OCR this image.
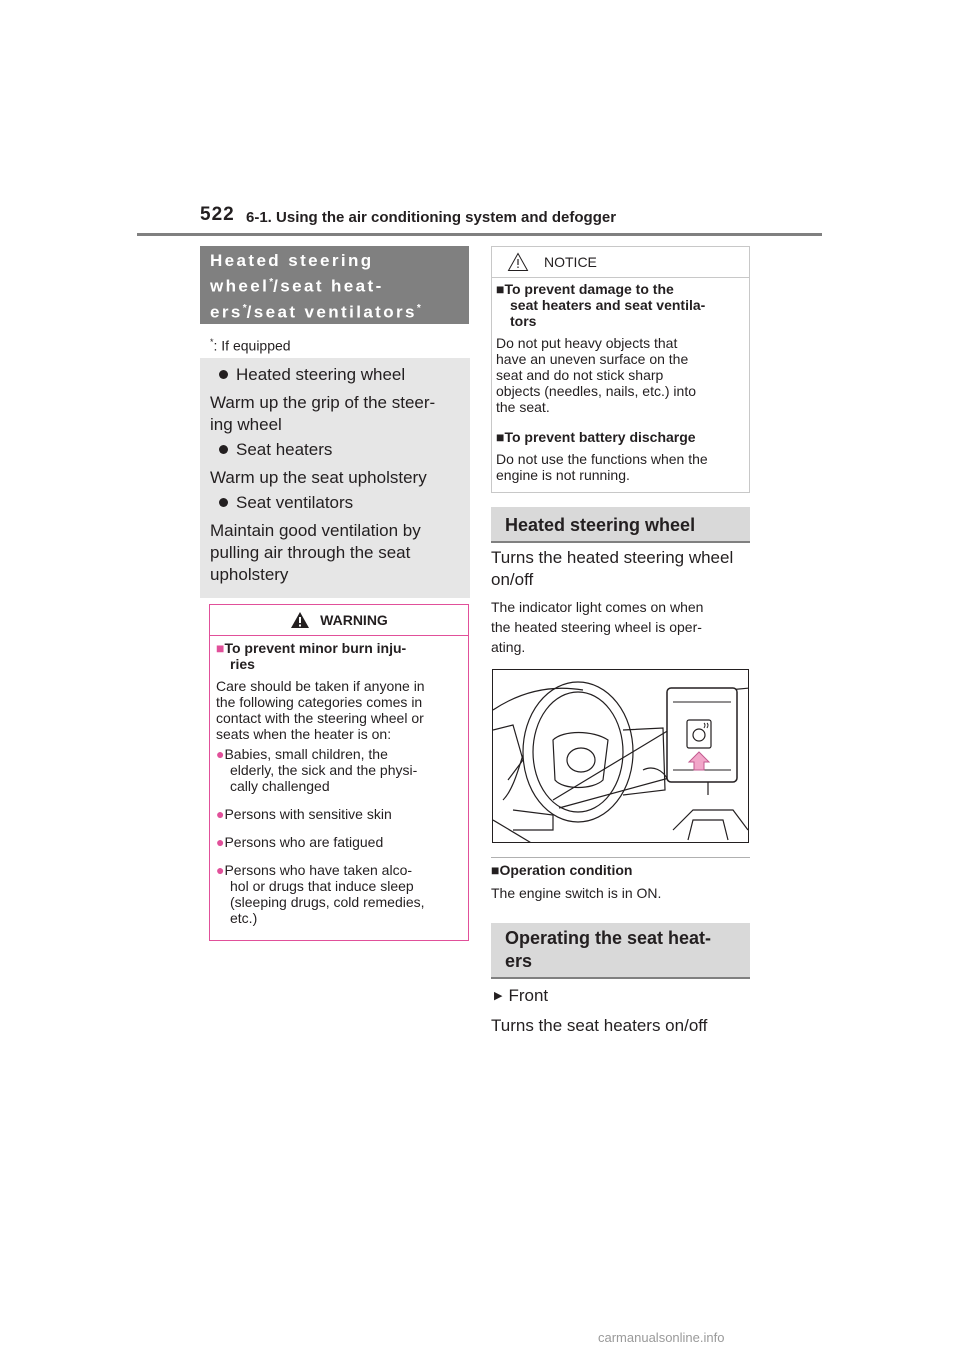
522 6-1. Using the air conditioning system and defogger
Heated steering
wheel*/seat heat-
ers*/seat ventilators*
*: If equipped
Heated steering wheel
Warm up the grip of the steer-
ing wheel
Seat heaters
Warm up the seat upholstery
Seat ventilators
Maintain good ventilation by
pulling air through the seat
upholstery
WARNING
■To prevent minor burn inju-
ries
Care should be taken if anyone in
the following categories comes in
contact with the steering wheel or
seats when the heater is on:
●Babies, small children, the
elderly, the sick and the physi-
cally challenged
●Persons with sensitive skin
●Persons who are fatigued
●Persons who have taken alco-
hol or drugs that induce sleep
(sleeping drugs, cold remedies,
etc.)
NOTICE
■To prevent damage to the
seat heaters and seat ventila-
tors
Do not put heavy objects that
have an uneven surface on the
seat and do not stick sharp
objects (needles, nails, etc.) into
the seat.
■To prevent battery discharge
Do not use the functions when the
engine is not running.
Heated steering wheel
Turns the heated steering wheel
on/off
The indicator light comes on when
the heated steering wheel is oper-
ating.
■Operation condition
The engine switch is in ON.
Operating the seat heat-
ers
▶ Front
Turns the seat heaters on/off
carmanualsonline.info
